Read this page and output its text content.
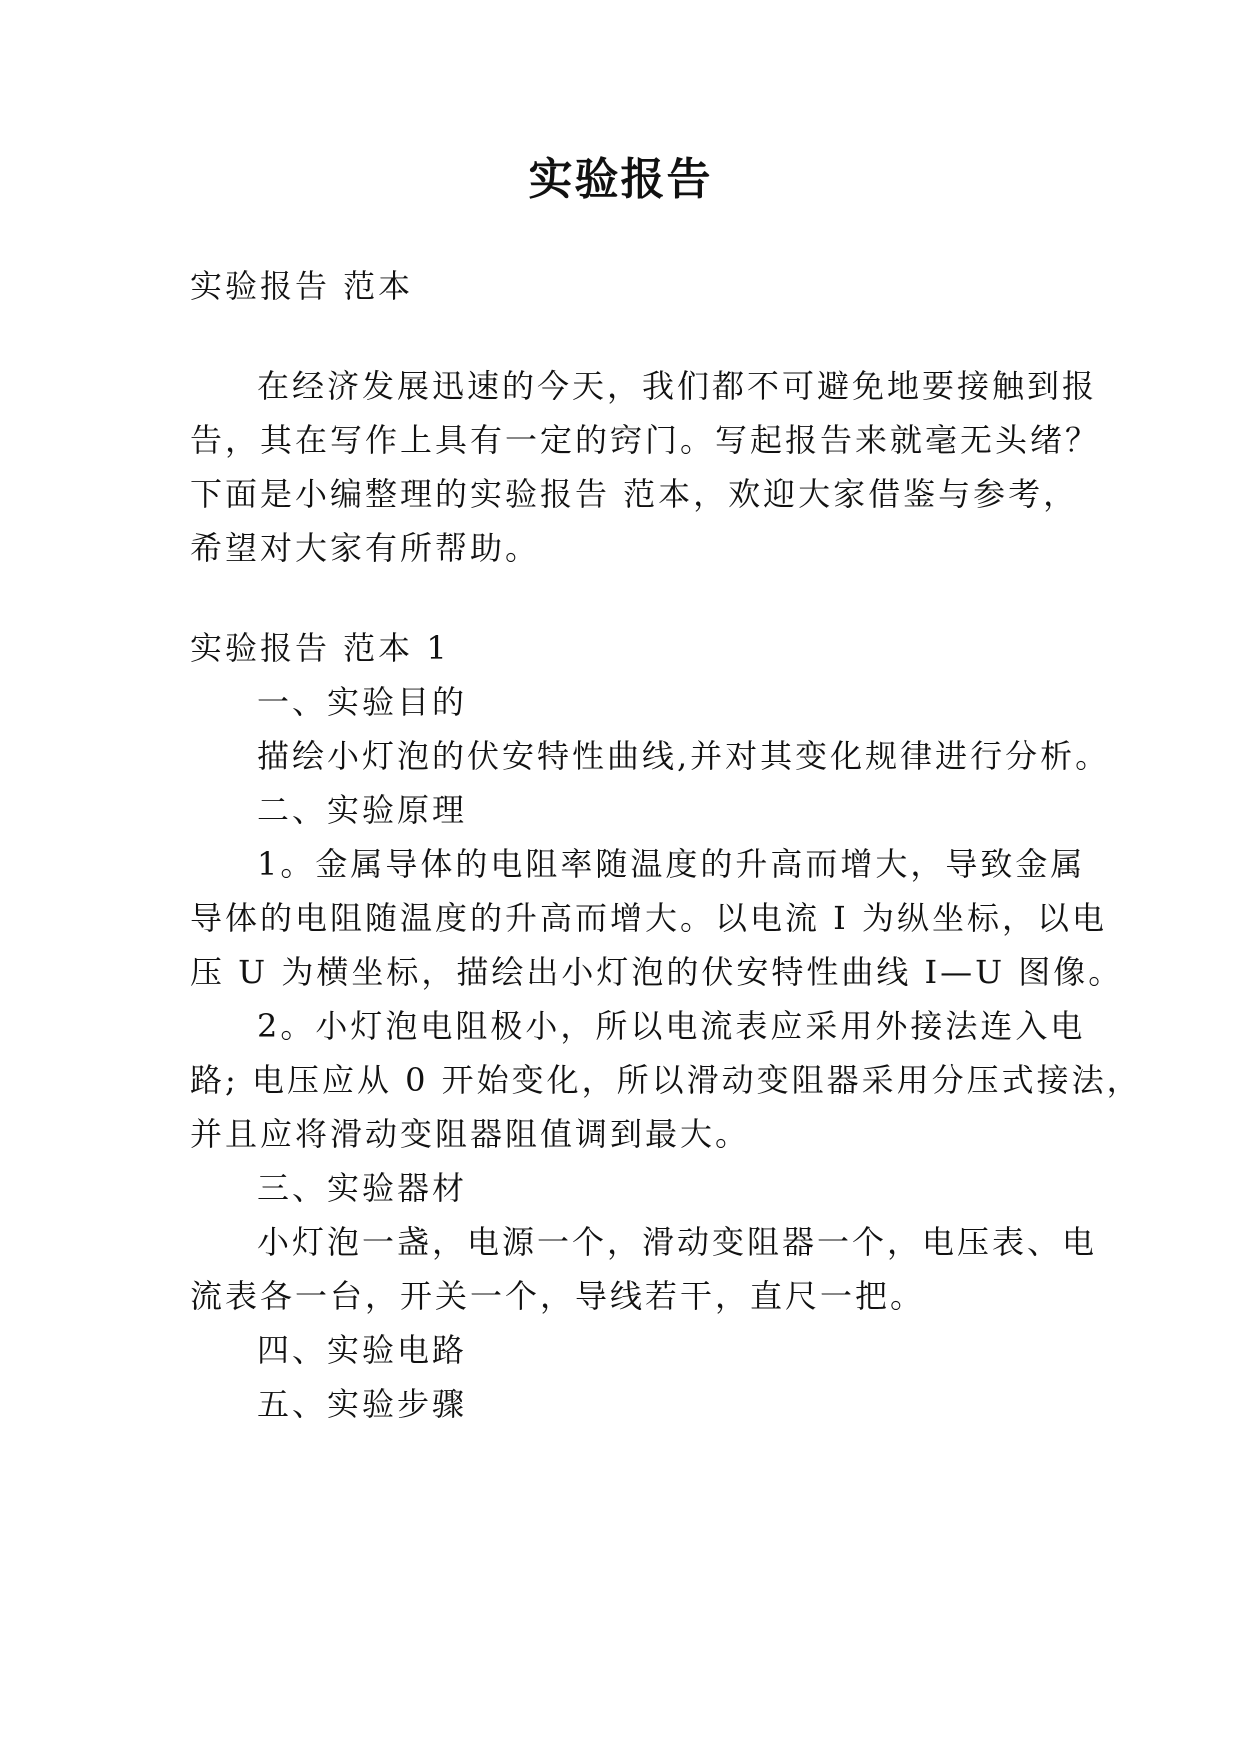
实验报告
实验报告 范本
在经济发展迅速的今天，我们都不可避免地要接触到报
告，其在写作上具有一定的窍门。写起报告来就毫无头绪？
下面是小编整理的实验报告 范本，欢迎大家借鉴与参考，
希望对大家有所帮助。
实验报告 范本 1
一、实验目的
描绘小灯泡的伏安特性曲线,并对其变化规律进行分析。
二、实验原理
1。金属导体的电阻率随温度的升高而增大，导致金属
导体的电阻随温度的升高而增大。以电流 I 为纵坐标，以电
压 U 为横坐标，描绘出小灯泡的伏安特性曲线 I—U 图像。
2。小灯泡电阻极小，所以电流表应采用外接法连入电
路; 电压应从 0 开始变化，所以滑动变阻器采用分压式接法，
并且应将滑动变阻器阻值调到最大。
三、实验器材
小灯泡一盏，电源一个，滑动变阻器一个，电压表、电
流表各一台，开关一个，导线若干，直尺一把。
四、实验电路
五、实验步骤
